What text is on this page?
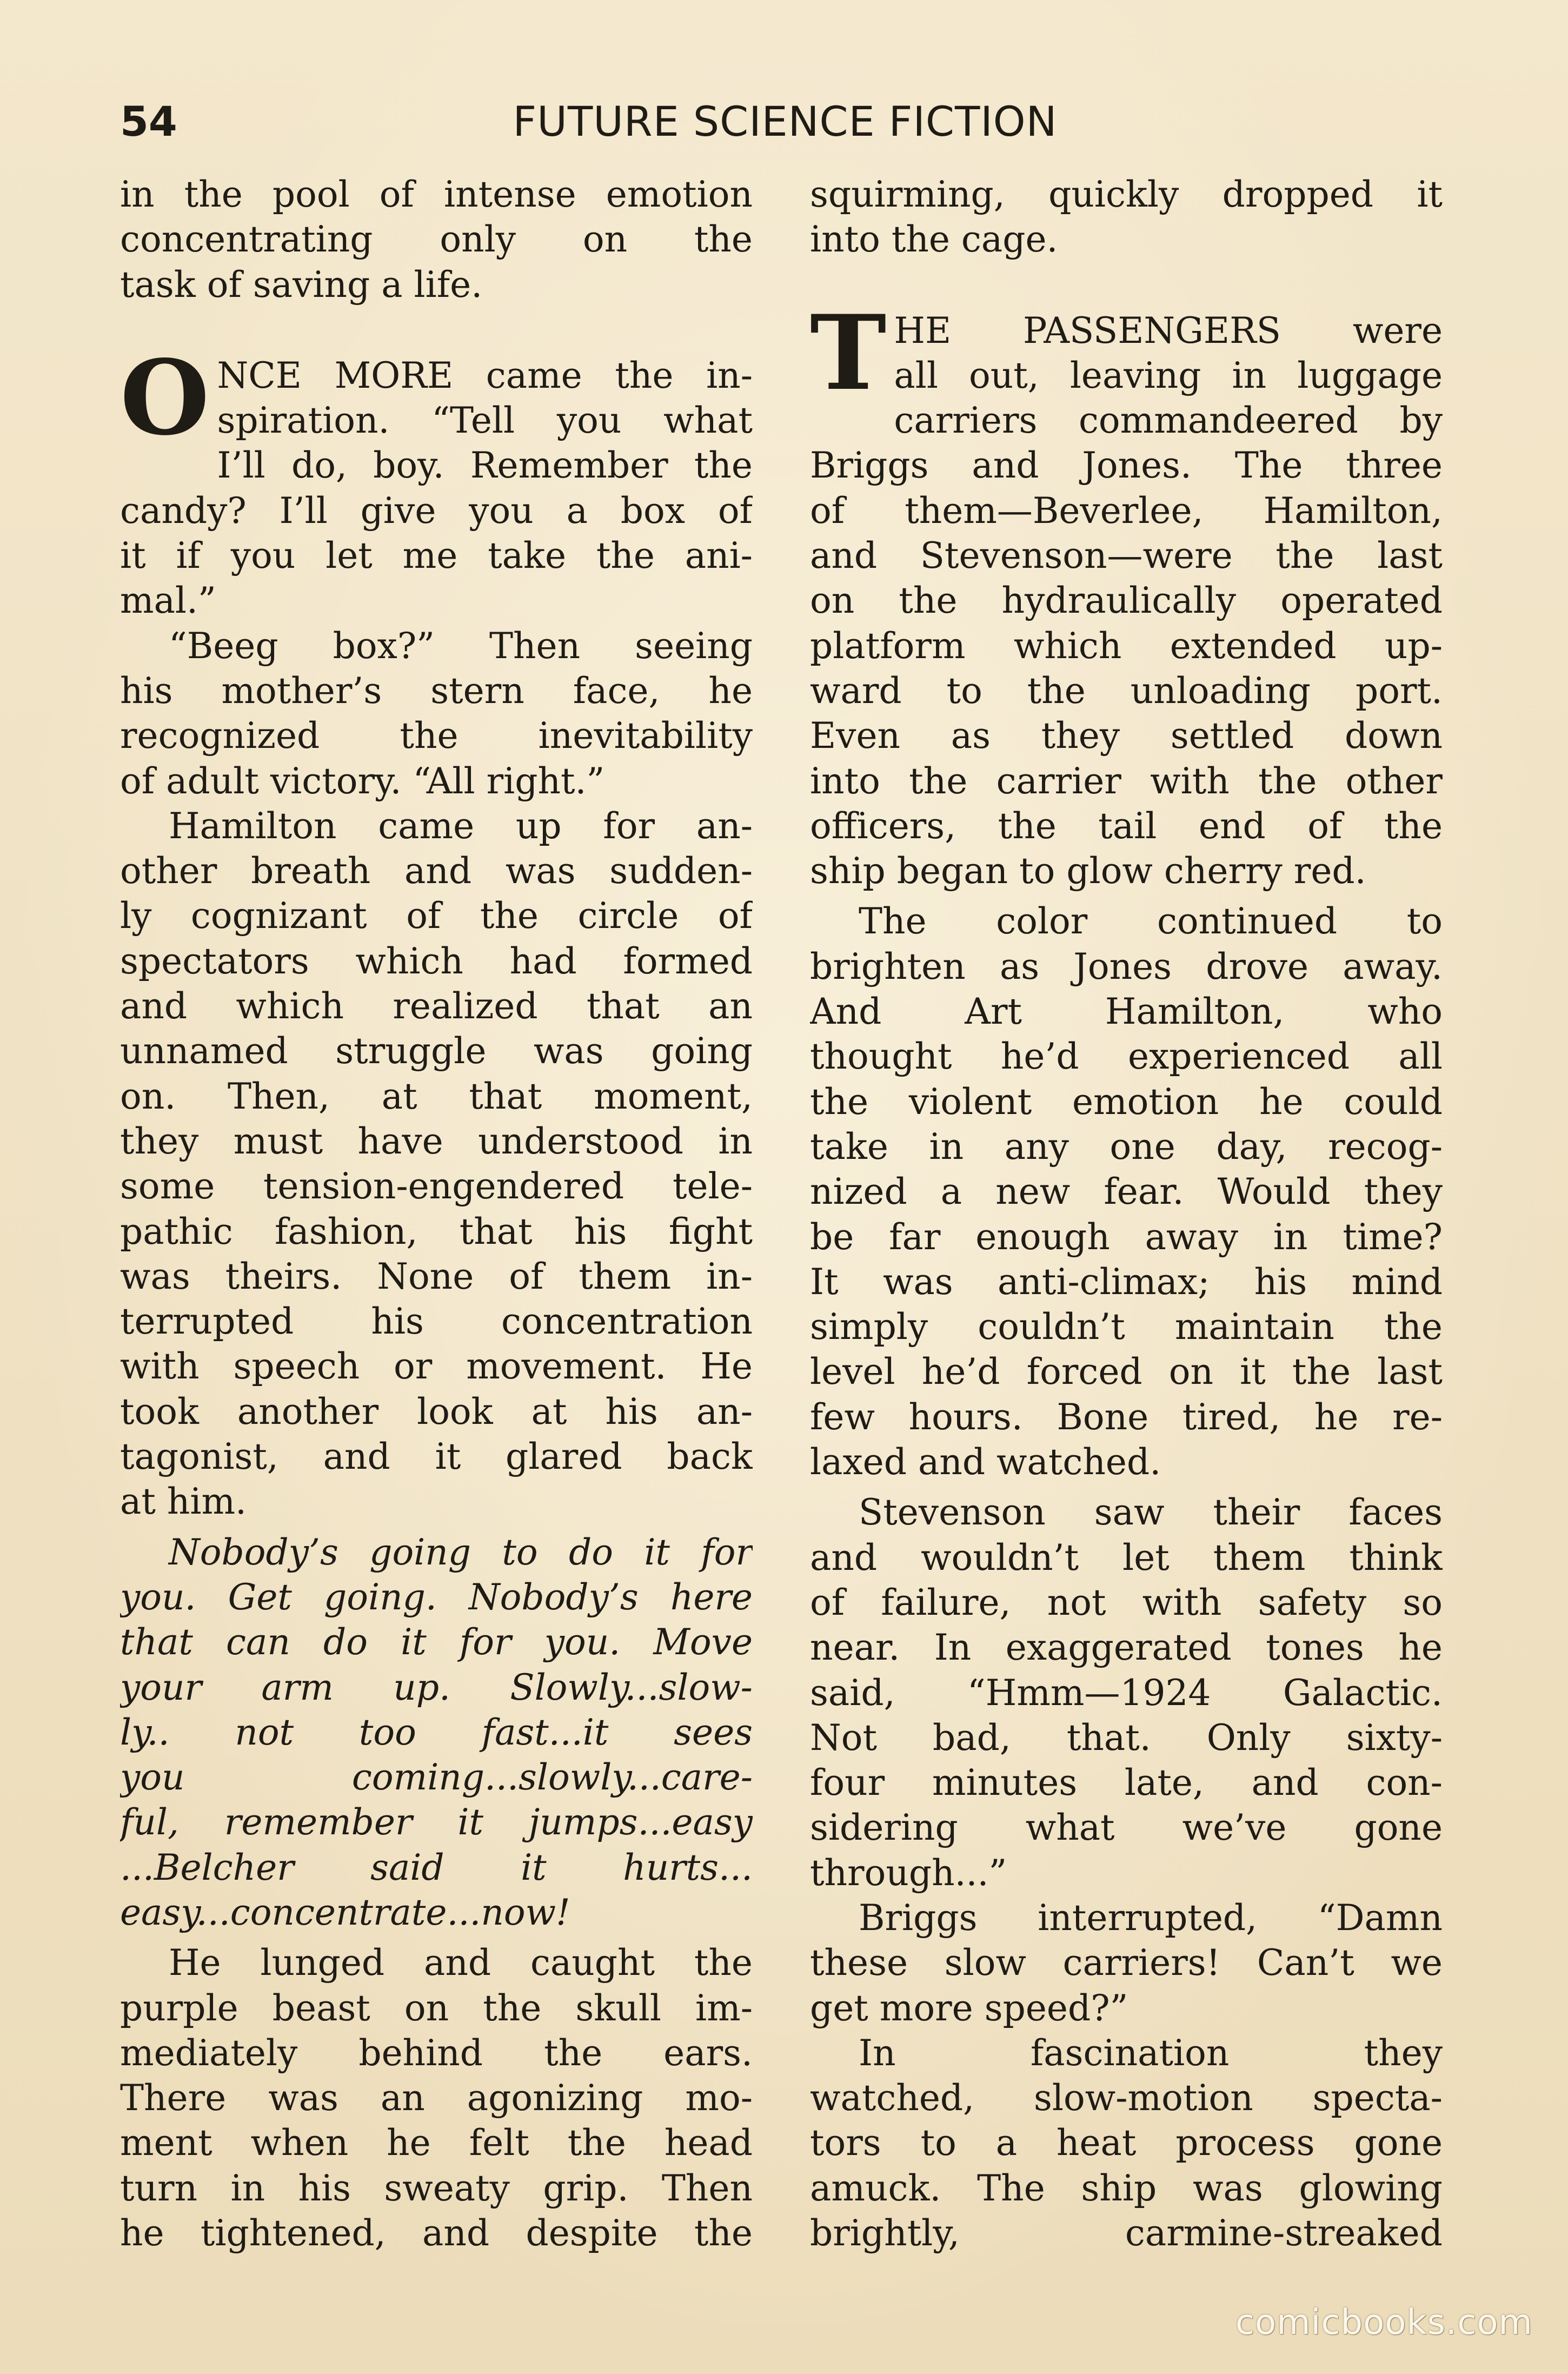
54	FUTURE SCIENCE FICTION
in the pool of intense emotion
concentrating only on the
task of saving a life.
O NCE MORE came the in-
spiration. “Tell you what
I’ll do, boy. Remember the
candy? I’ll give you a box of
it if you let me take the ani-
mal.”
“Beeg box?” Then seeing
his mother’s stern face, he
recognized the inevitability
of adult victory. “All right.”
Hamilton came up for an-
other breath and was sudden-
ly cognizant of the circle of
spectators which had formed
and which realized that an
unnamed struggle was going
on. Then, at that moment,
they must have understood in
some tension-engendered tele-
pathic fashion, that his fight
was theirs. None of them in-
terrupted his concentration
with speech or movement. He
took another look at his an-
tagonist, and it glared back
at him.
Nobody’s going to do it for
you. Get going. Nobody’s here
that can do it for you. Move
your arm up. Slowly...slow-
ly.. not too fast...it sees
you coming...slowly...care-
ful, remember it jumps...easy
...Belcher said it hurts...
easy...concentrate...now!
He lunged and caught the
purple beast on the skull im-
mediately behind the ears.
There was an agonizing mo-
ment when he felt the head
turn in his sweaty grip. Then
he tightened, and despite the
squirming, quickly dropped it
into the cage.
T HE PASSENGERS were
all out, leaving in luggage
carriers commandeered by
Briggs and Jones. The three
of them—Beverlee, Hamilton,
and Stevenson—were the last
on the hydraulically operated
platform which extended up-
ward to the unloading port.
Even as they settled down
into the carrier with the other
officers, the tail end of the
ship began to glow cherry red.
The color continued to
brighten as Jones drove away.
And Art Hamilton, who
thought he’d experienced all
the violent emotion he could
take in any one day, recog-
nized a new fear. Would they
be far enough away in time?
It was anti-climax; his mind
simply couldn’t maintain the
level he’d forced on it the last
few hours. Bone tired, he re-
laxed and watched.
Stevenson saw their faces
and wouldn’t let them think
of failure, not with safety so
near. In exaggerated tones he
said, “Hmm—1924 Galactic.
Not bad, that. Only sixty-
four minutes late, and con-
sidering what we’ve gone
through...”
Briggs interrupted, “Damn
these slow carriers! Can’t we
get more speed?”
In fascination they
watched, slow-motion specta-
tors to a heat process gone
amuck. The ship was glowing
brightly, carmine-streaked
comicbooks.com
